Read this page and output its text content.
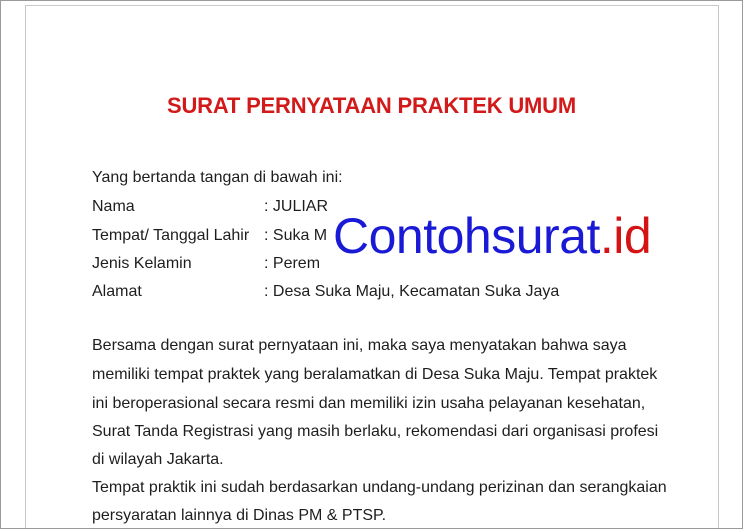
SURAT PERNYATAAN PRAKTEK UMUM
Yang bertanda tangan di bawah ini:
Nama	: JULIAR
Tempat/ Tanggal Lahir : Suka M
Jenis Kelamin	: Perem
Alamat	: Desa Suka Maju, Kecamatan Suka Jaya
Bersama dengan surat pernyataan ini, maka saya menyatakan bahwa saya
memiliki tempat praktek yang beralamatkan di Desa Suka Maju. Tempat praktek
ini beroperasional secara resmi dan memiliki izin usaha pelayanan kesehatan,
Surat Tanda Registrasi yang masih berlaku, rekomendasi dari organisasi profesi
di wilayah Jakarta.
Tempat praktik ini sudah berdasarkan undang-undang perizinan dan serangkaian
persyaratan lainnya di Dinas PM & PTSP.
Contohsurat.id
